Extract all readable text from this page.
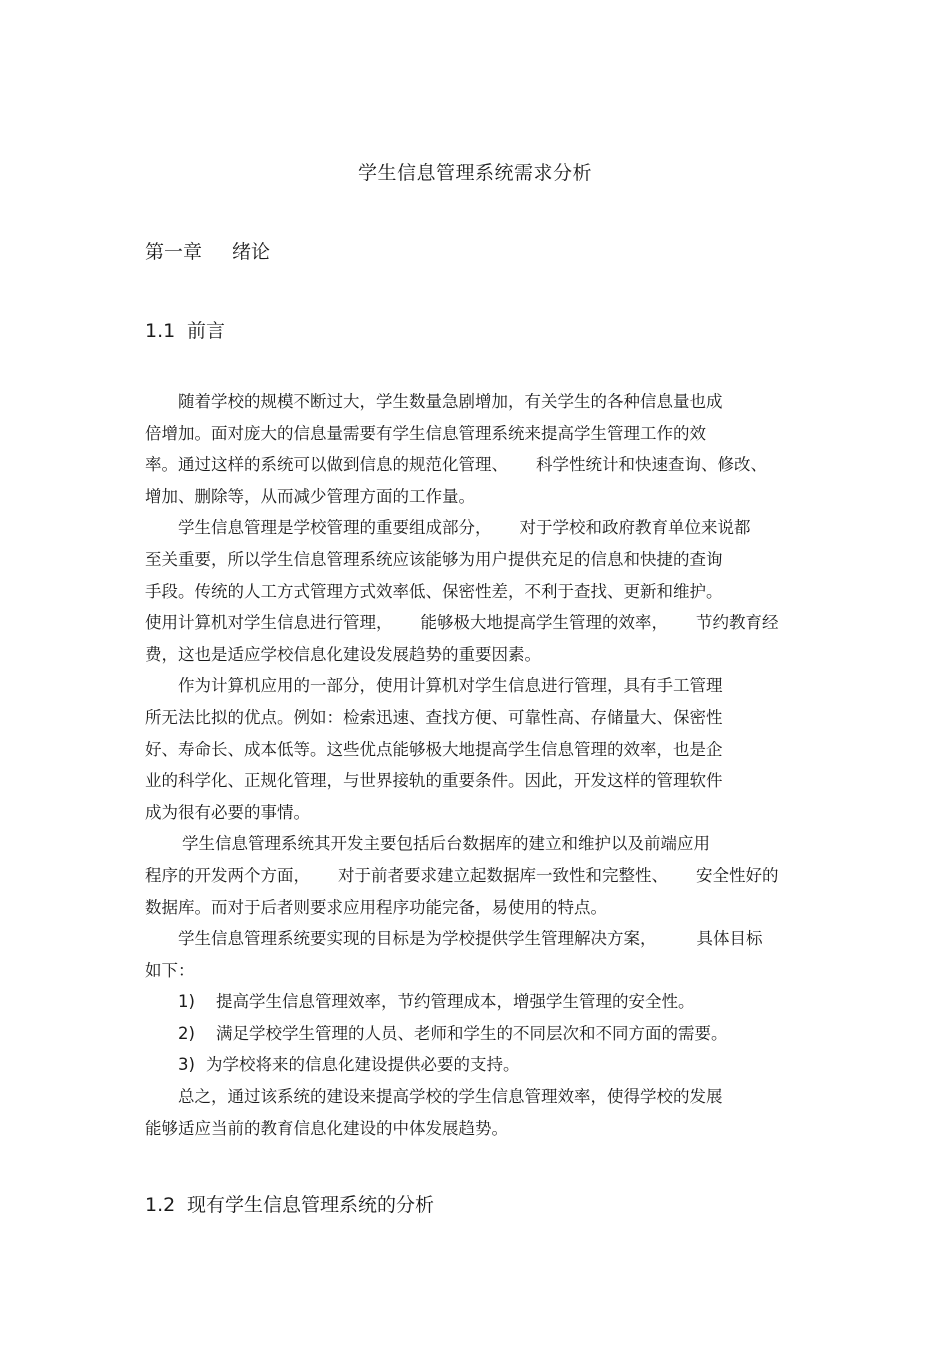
学生信息管理系统需求分析
第一章 绪论
1.1 前言
随着学校的规模不断过大，学生数量急剧增加，有关学生的各种信息量也成
倍增加。面对庞大的信息量需要有学生信息管理系统来提高学生管理工作的效
率。通过这样的系统可以做到信息的规范化管理、 科学性统计和快速查询、修改、
增加、删除等，从而减少管理方面的工作量。
学生信息管理是学校管理的重要组成部分， 对于学校和政府教育单位来说都
至关重要，所以学生信息管理系统应该能够为用户提供充足的信息和快捷的查询
手段。传统的人工方式管理方式效率低、保密性差，不利于查找、更新和维护。
使用计算机对学生信息进行管理， 能够极大地提高学生管理的效率， 节约教育经
费，这也是适应学校信息化建设发展趋势的重要因素。
作为计算机应用的一部分，使用计算机对学生信息进行管理，具有手工管理
所无法比拟的优点。例如：检索迅速、查找方便、可靠性高、存储量大、保密性
好、寿命长、成本低等。这些优点能够极大地提高学生信息管理的效率，也是企
业的科学化、正规化管理，与世界接轨的重要条件。因此，开发这样的管理软件
成为很有必要的事情。
学生信息管理系统其开发主要包括后台数据库的建立和维护以及前端应用
程序的开发两个方面， 对于前者要求建立起数据库一致性和完整性、 安全性好的
数据库。而对于后者则要求应用程序功能完备，易使用的特点。
学生信息管理系统要实现的目标是为学校提供学生管理解决方案， 具体目标
如下：
1) 提高学生信息管理效率，节约管理成本，增强学生管理的安全性。
2) 满足学校学生管理的人员、老师和学生的不同层次和不同方面的需要。
3) 为学校将来的信息化建设提供必要的支持。
总之，通过该系统的建设来提高学校的学生信息管理效率，使得学校的发展
能够适应当前的教育信息化建设的中体发展趋势。
1.2 现有学生信息管理系统的分析
